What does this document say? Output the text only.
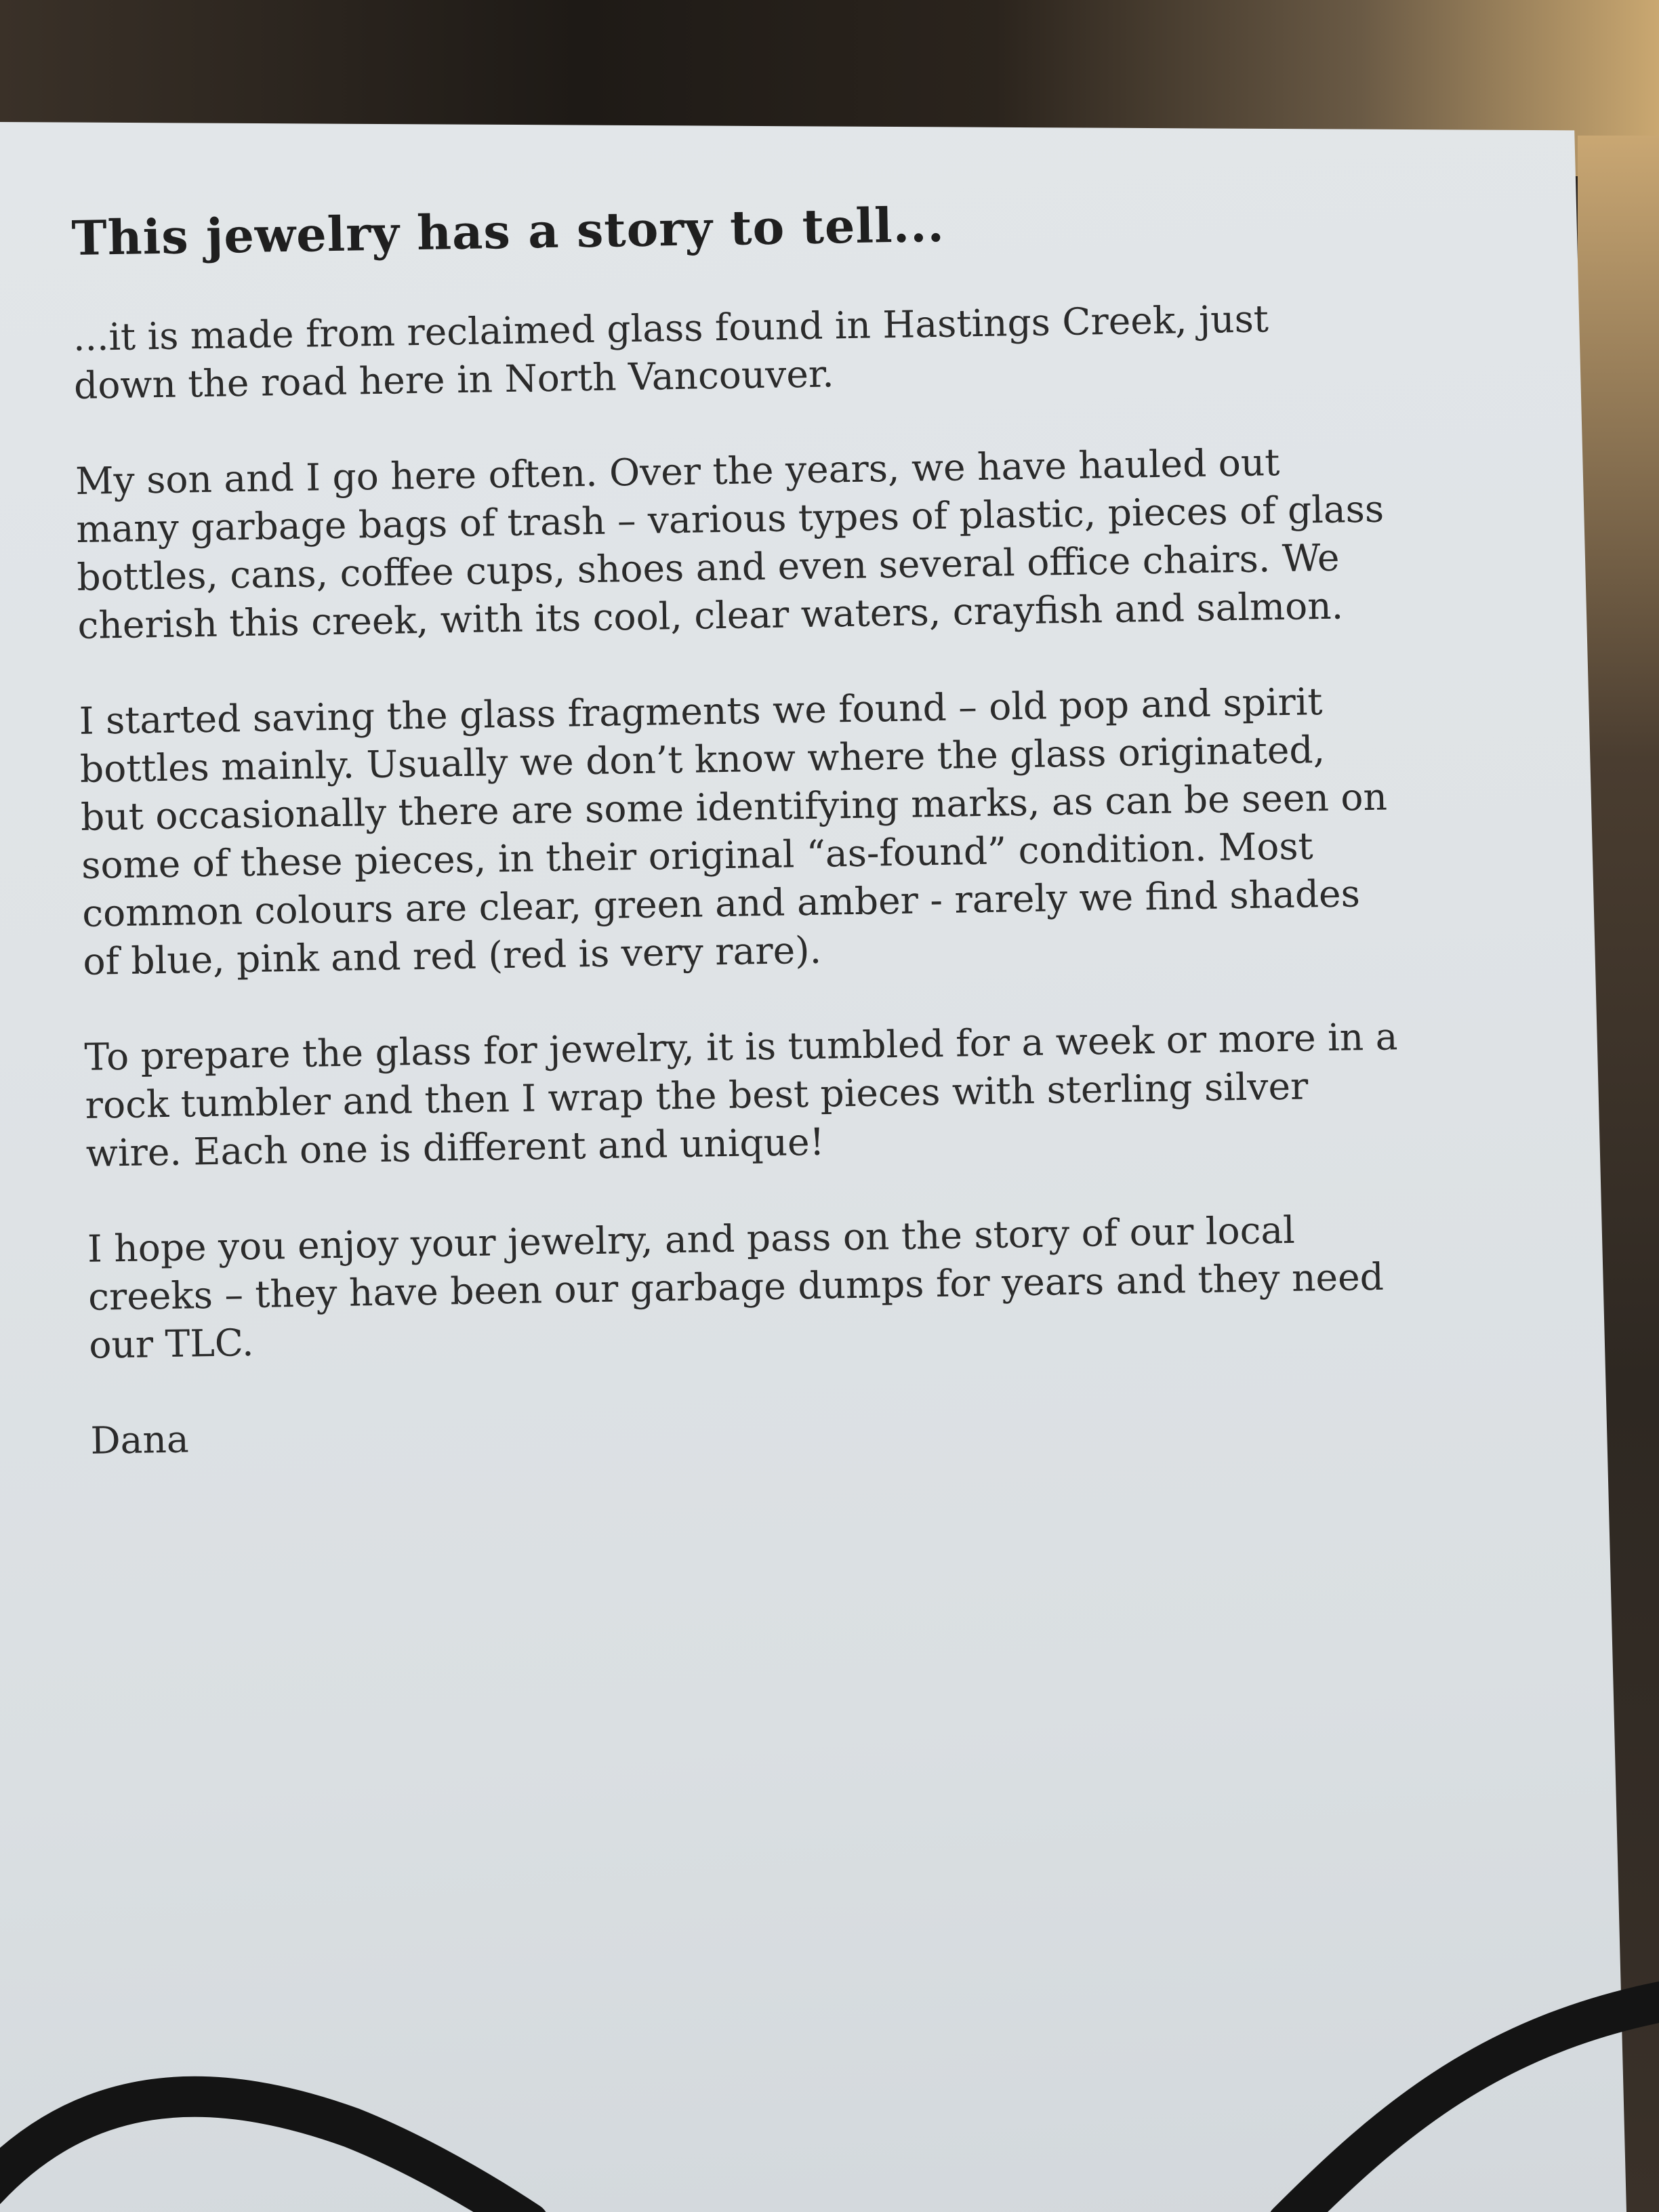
This jewelry has a story to tell...
...it is made from reclaimed glass found in Hastings Creek, just
down the road here in North Vancouver.
My son and I go here often. Over the years, we have hauled out
many garbage bags of trash – various types of plastic, pieces of glass
bottles, cans, coffee cups, shoes and even several office chairs. We
cherish this creek, with its cool, clear waters, crayfish and salmon.
I started saving the glass fragments we found – old pop and spirit
bottles mainly. Usually we don’t know where the glass originated,
but occasionally there are some identifying marks, as can be seen on
some of these pieces, in their original “as-found” condition. Most
common colours are clear, green and amber - rarely we find shades
of blue, pink and red (red is very rare).
To prepare the glass for jewelry, it is tumbled for a week or more in a
rock tumbler and then I wrap the best pieces with sterling silver
wire. Each one is different and unique!
I hope you enjoy your jewelry, and pass on the story of our local
creeks – they have been our garbage dumps for years and they need
our TLC.
Dana
